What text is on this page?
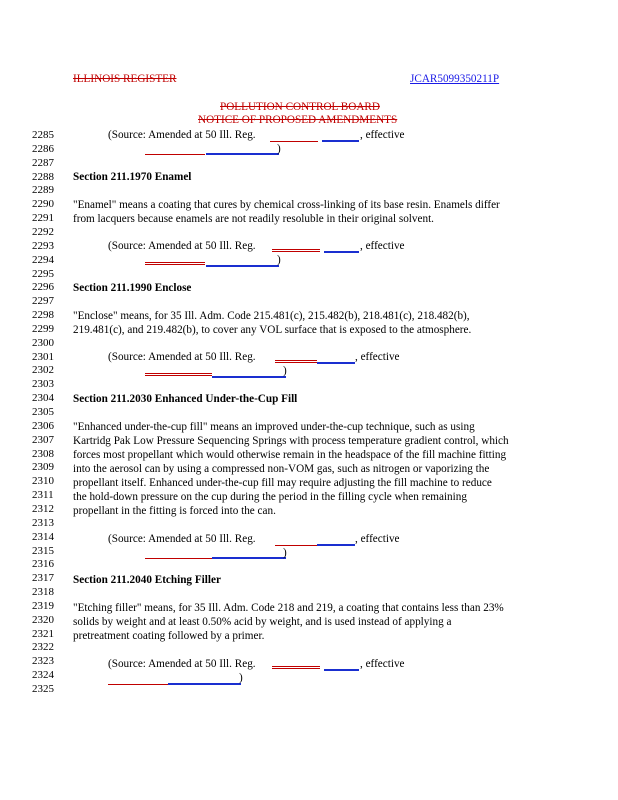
ILLINOIS REGISTER	JCAR5099350211P
POLLUTION CONTROL BOARD
NOTICE OF PROPOSED AMENDMENTS
2285
2286
2287
2288
2289
2290
2291
2292
2293
2294
2295
2296
2297
2298
2299
2300
2301
2302
2303
2304
2305
2306
2307
2308
2309
2310
2311
2312
2313
2314
2315
2316
2317
2318
2319
2320
2321
2322
2323
2324
2325
(Source: Amended at 50 Ill. Reg.	, effective
)
Section 211.1970 Enamel
"Enamel" means a coating that cures by chemical cross-linking of its base resin. Enamels differ
from lacquers because enamels are not readily resoluble in their original solvent.
(Source: Amended at 50 Ill. Reg.	, effective
)
Section 211.1990 Enclose
"Enclose" means, for 35 Ill. Adm. Code 215.481(c), 215.482(b), 218.481(c), 218.482(b),
219.481(c), and 219.482(b), to cover any VOL surface that is exposed to the atmosphere.
(Source: Amended at 50 Ill. Reg.	, effective
)
Section 211.2030 Enhanced Under-the-Cup Fill
"Enhanced under-the-cup fill" means an improved under-the-cup technique, such as using
Kartridg Pak Low Pressure Sequencing Springs with process temperature gradient control, which
forces most propellant which would otherwise remain in the headspace of the fill machine fitting
into the aerosol can by using a compressed non-VOM gas, such as nitrogen or vaporizing the
propellant itself. Enhanced under-the-cup fill may require adjusting the fill machine to reduce
the hold-down pressure on the cup during the period in the filling cycle when remaining
propellant in the fitting is forced into the can.
(Source: Amended at 50 Ill. Reg.	, effective
)
Section 211.2040 Etching Filler
"Etching filler" means, for 35 Ill. Adm. Code 218 and 219, a coating that contains less than 23%
solids by weight and at least 0.50% acid by weight, and is used instead of applying a
pretreatment coating followed by a primer.
(Source: Amended at 50 Ill. Reg.	, effective
)
